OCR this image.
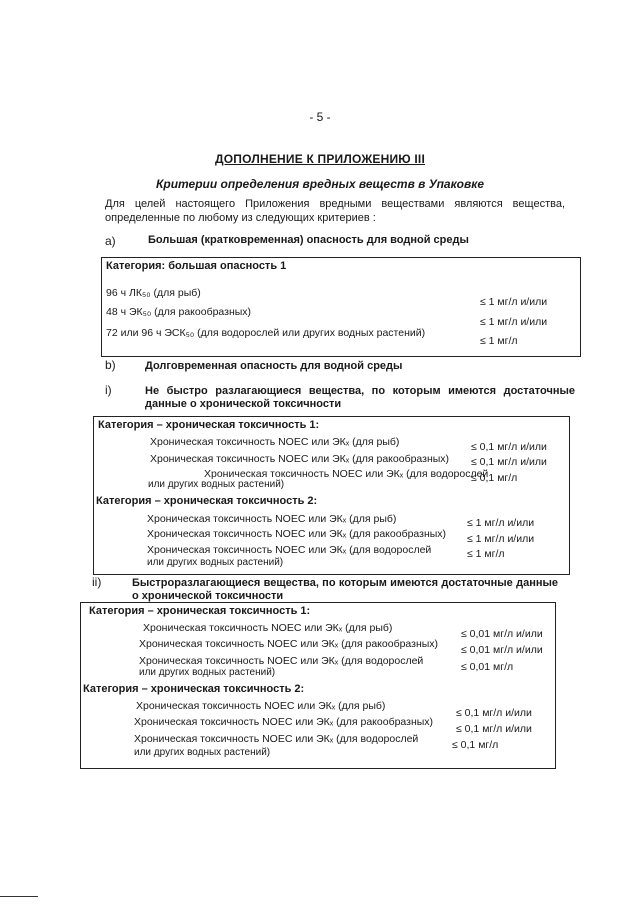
- 5 -
ДОПОЛНЕНИЕ К ПРИЛОЖЕНИЮ III
Критерии определения вредных веществ в Упаковке
Для целей настоящего Приложения вредными веществами являются вещества, определенные по любому из следующих критериев :
a)	Большая (кратковременная) опасность для водной среды
Категория: большая опасность 1
96 ч ЛК₅₀ (для рыб)
≤ 1 мг/л и/или
48 ч ЭК₅₀ (для ракообразных)
≤ 1 мг/л и/или
72 или 96 ч ЭСК₅₀ (для водорослей или других водных растений)
≤ 1 мг/л
b)	Долговременная опасность для водной среды
i)	Не быстро разлагающиеся вещества, по которым имеются достаточные данные о хронической токсичности
Категория – хроническая токсичность 1:
Хроническая токсичность NOEC или ЭКₓ (для рыб)	≤ 0,1 мг/л и/или
Хроническая токсичность NOEC или ЭКₓ (для ракообразных) ≤ 0,1 мг/л и/или
Хроническая токсичность NOEC или ЭКₓ (для водорослей
или других водных растений)
≤ 0,1 мг/л
Категория – хроническая токсичность 2:
Хроническая токсичность NOEC или ЭКₓ (для рыб)	≤ 1 мг/л и/или
Хроническая токсичность NOEC или ЭКₓ (для ракообразных) ≤ 1 мг/л и/или
Хроническая токсичность NOEC или ЭКₓ (для водорослей
или других водных растений)
≤ 1 мг/л
ii)	Быстроразлагающиеся вещества, по которым имеются достаточные данные о хронической токсичности
Категория – хроническая токсичность 1:
Хроническая токсичность NOEC или ЭКₓ (для рыб)	≤ 0,01 мг/л и/или
Хроническая токсичность NOEC или ЭКₓ (для ракообразных) ≤ 0,01 мг/л и/или
Хроническая токсичность NOEC или ЭКₓ (для водорослей
или других водных растений)	≤ 0,01 мг/л
Категория – хроническая токсичность 2:
Хроническая токсичность NOEC или ЭКₓ (для рыб)
≤ 0,1 мг/л и/или
Хроническая токсичность NOEC или ЭКₓ (для ракообразных)
≤ 0,1 мг/л и/или
Хроническая токсичность NOEC или ЭКₓ (для водорослей
или других водных растений)
≤ 0,1 мг/л
